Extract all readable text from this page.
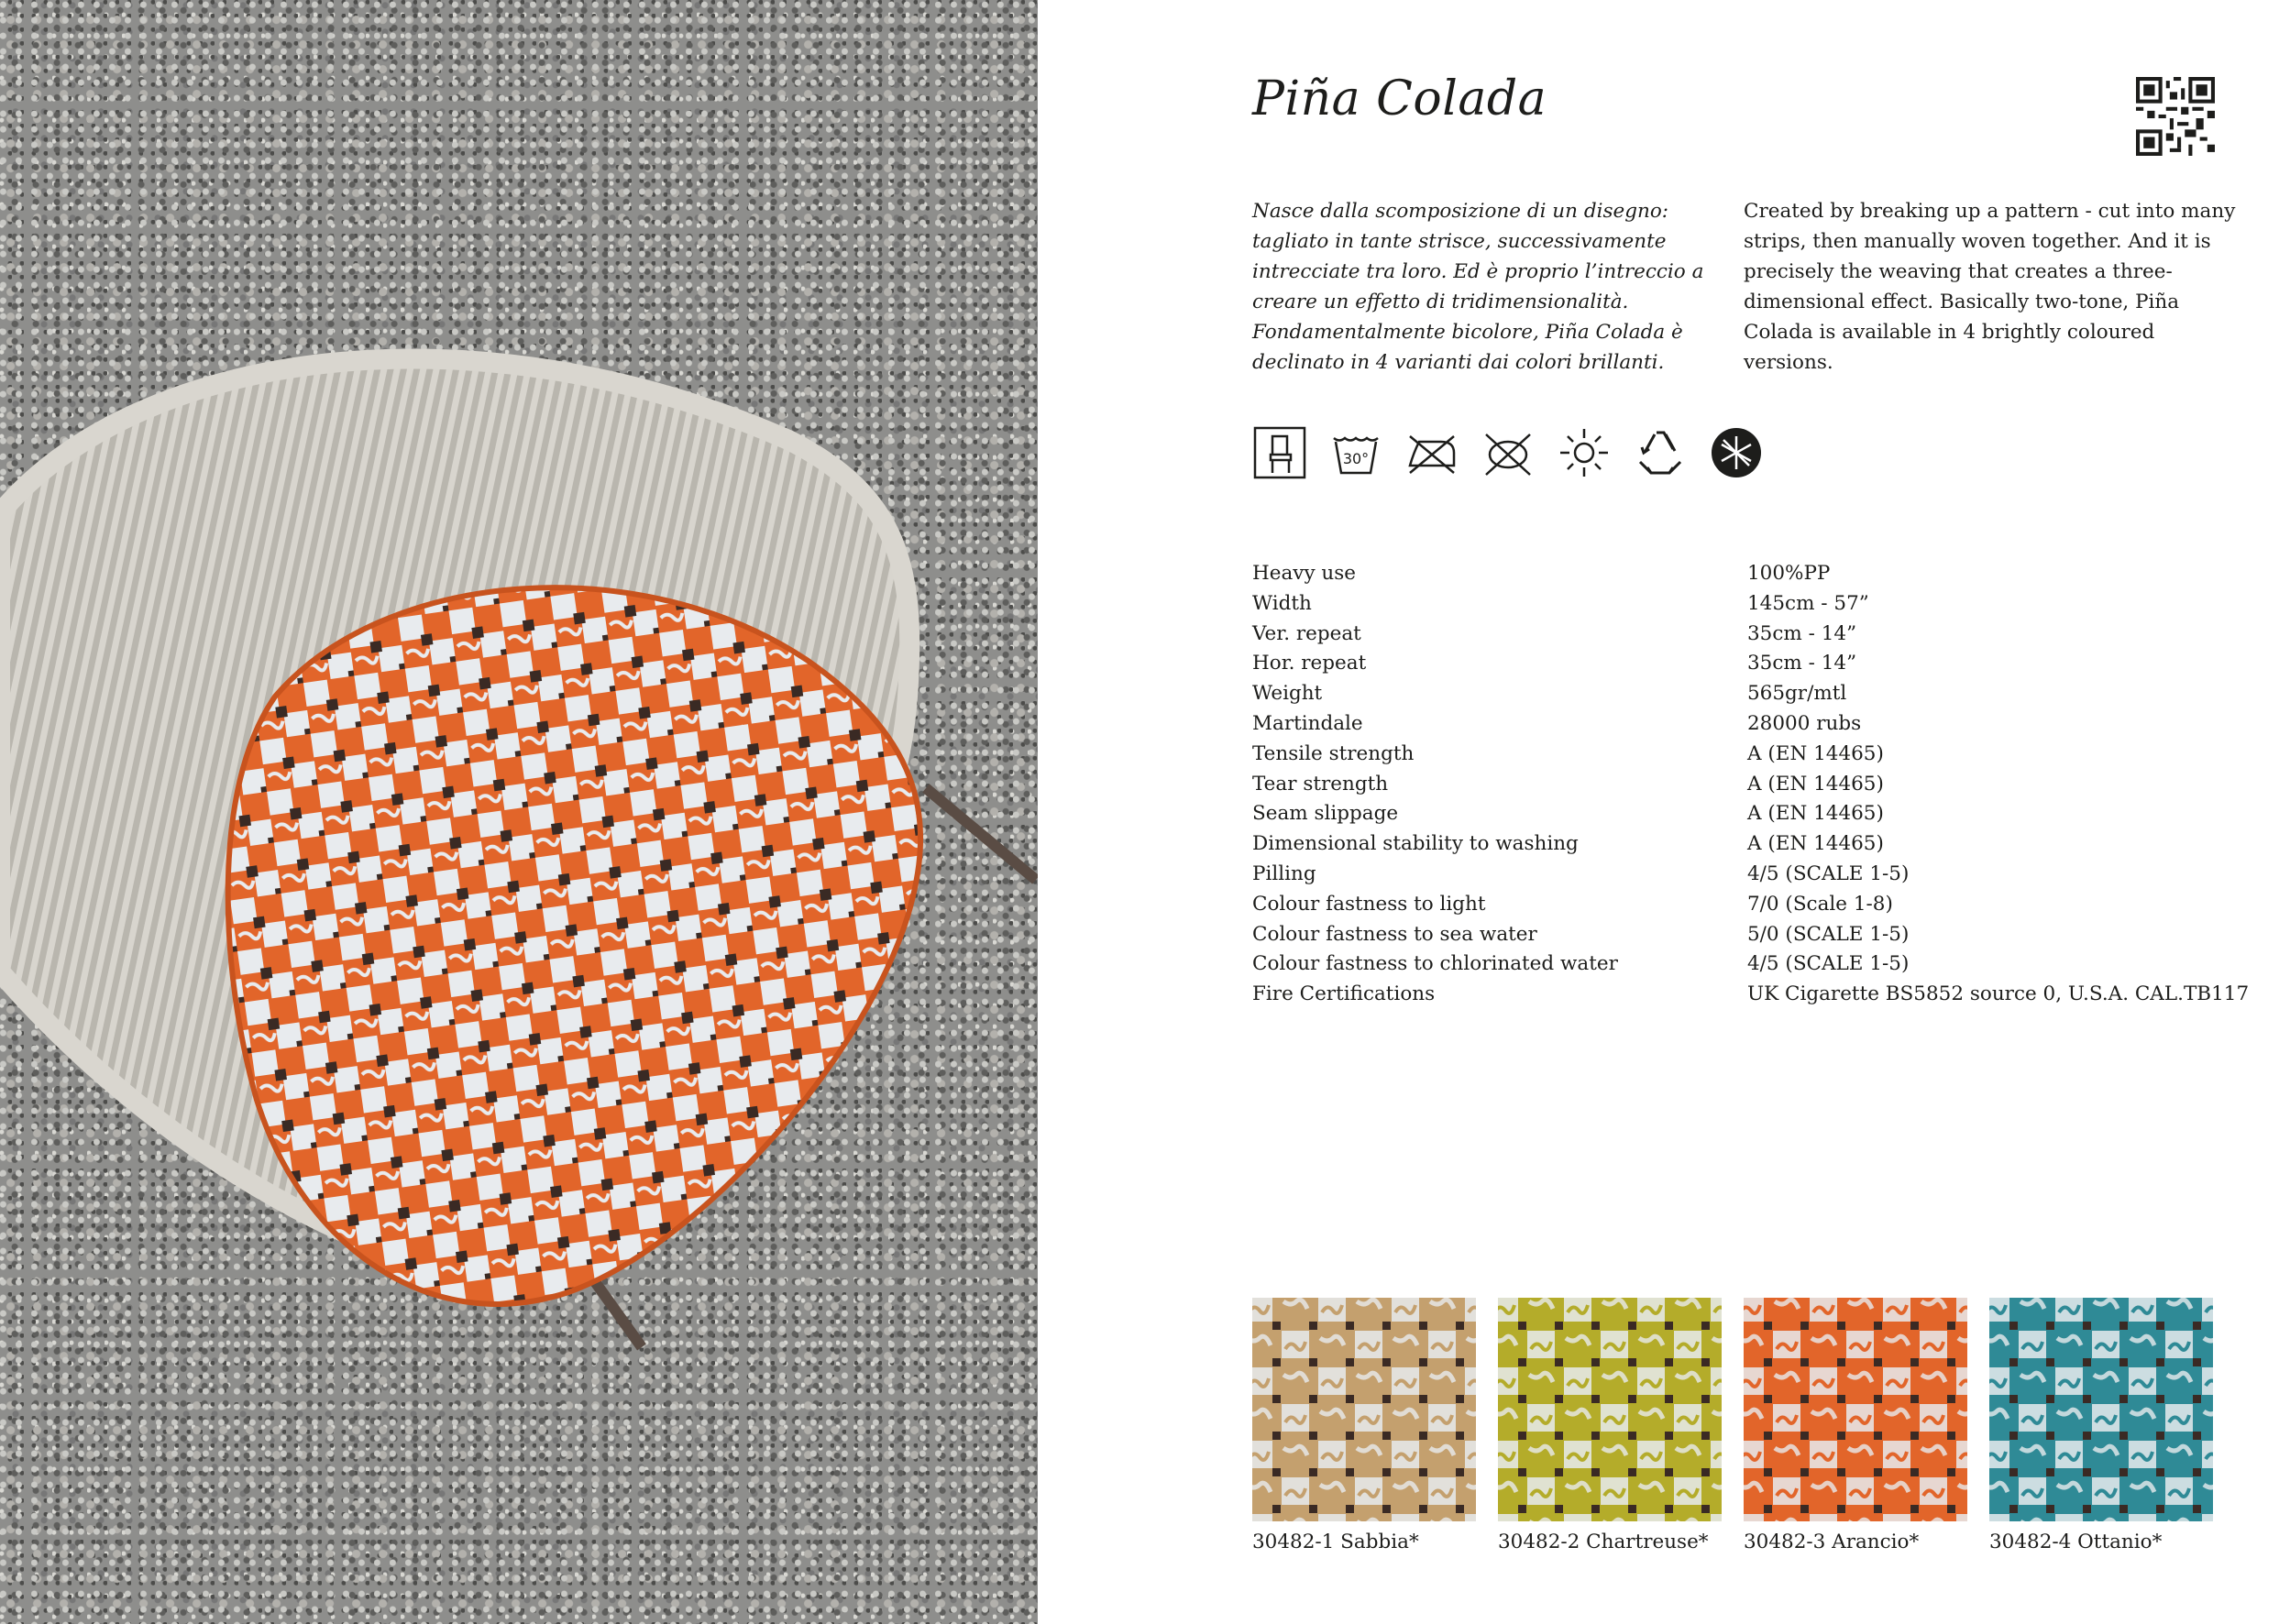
Piña Colada
Nasce dalla scomposizione di un disegno: tagliato in tante strisce, successivamente intrecciate tra loro. Ed è proprio l’intreccio a creare un effetto di tridimensionalità. Fondamentalmente bicolore, Piña Colada è declinato in 4 varianti dai colori brillanti.
Created by breaking up a pattern - cut into many strips, then manually woven together. And it is precisely the weaving that creates a three-dimensional effect. Basically two-tone, Piña Colada is available in 4 brightly coloured versions.
30°
Heavy use	100%PP
Width	145cm - 57”
Ver. repeat	35cm - 14”
Hor. repeat	35cm - 14”
Weight	565gr/mtl
Martindale	28000 rubs
Tensile strength	A (EN 14465)
Tear strength	A (EN 14465)
Seam slippage	A (EN 14465)
Dimensional stability to washing	A (EN 14465)
Pilling	4/5 (SCALE 1-5)
Colour fastness to light	7/0 (Scale 1-8)
Colour fastness to sea water	5/0 (SCALE 1-5)
Colour fastness to chlorinated water	4/5 (SCALE 1-5)
Fire Certifications	UK Cigarette BS5852 source 0, U.S.A. CAL.TB117
30482-1 Sabbia*	30482-2 Chartreuse*	30482-3 Arancio*	30482-4 Ottanio*
